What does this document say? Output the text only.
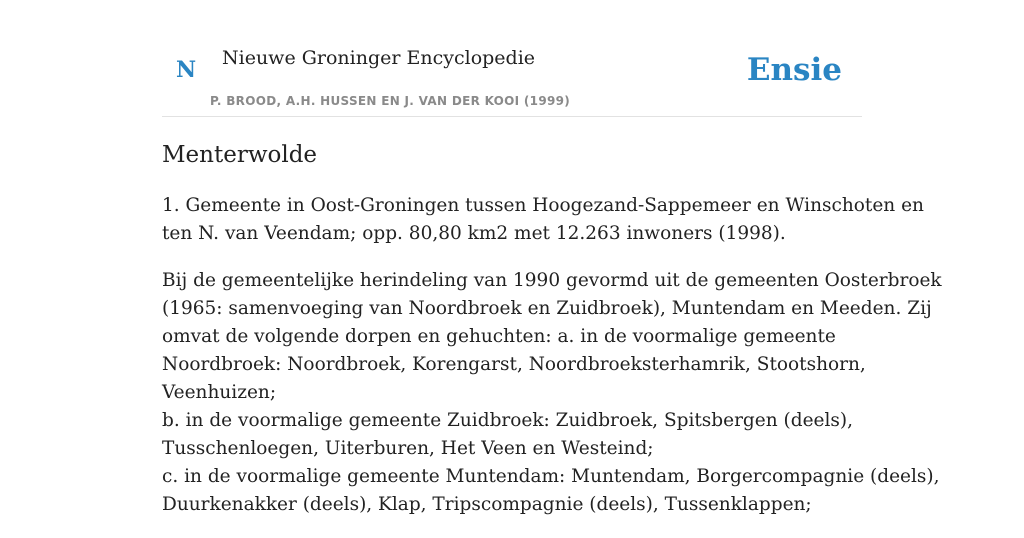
N Nieuwe Groninger Encyclopedie
P. BROOD, A.H. HUSSEN EN J. VAN DER KOOI (1999)
Ensie
Menterwolde

1. Gemeente in Oost-Groningen tussen Hoogezand-Sappemeer en Winschoten en
ten N. van Veendam; opp. 80,80 km2 met 12.263 inwoners (1998).

Bij de gemeentelijke herindeling van 1990 gevormd uit de gemeenten Oosterbroek
(1965: samenvoeging van Noordbroek en Zuidbroek), Muntendam en Meeden. Zij
omvat de volgende dorpen en gehuchten: a. in de voormalige gemeente
Noordbroek: Noordbroek, Korengarst, Noordbroeksterhamrik, Stootshorn,
Veenhuizen;
b. in de voormalige gemeente Zuidbroek: Zuidbroek, Spitsbergen (deels),
Tusschenloegen, Uiterburen, Het Veen en Westeind;
c. in de voormalige gemeente Muntendam: Muntendam, Borgercompagnie (deels),
Duurkenakker (deels), Klap, Tripscompagnie (deels), Tussenklappen;
